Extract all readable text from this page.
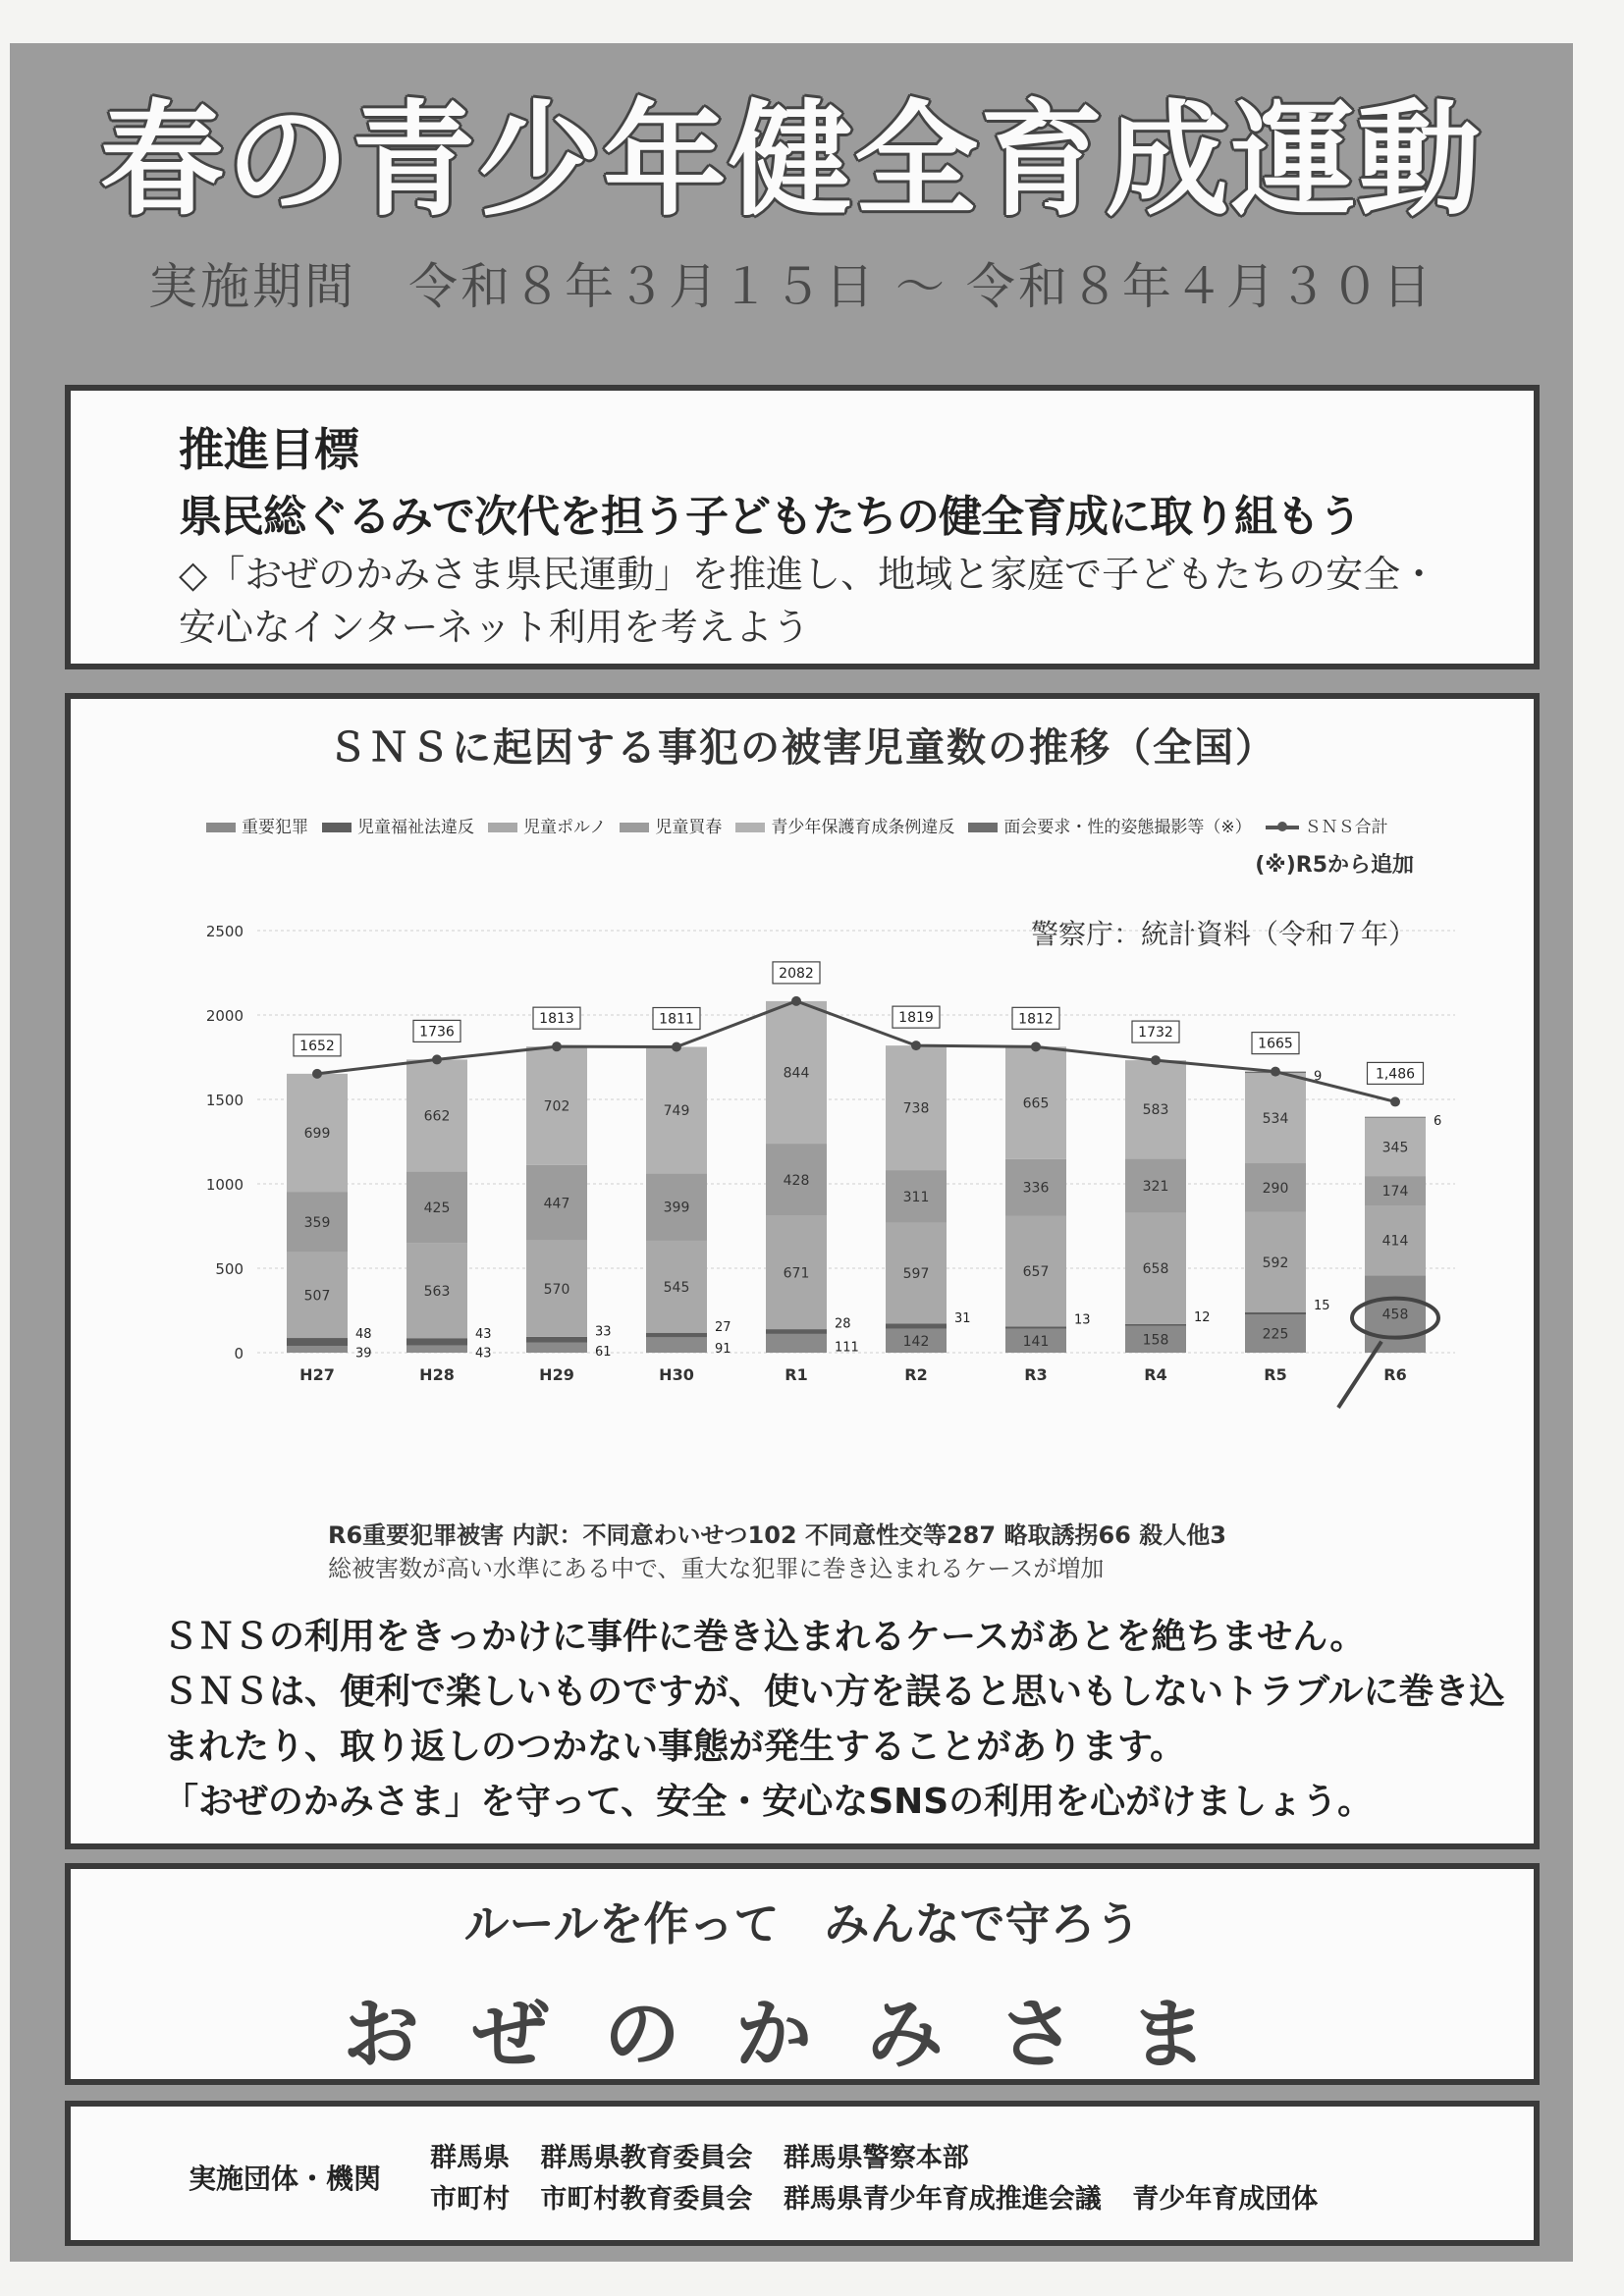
春の青少年健全育成運動
実施期間　令和８年３月１５日 ～ 令和８年４月３０日
推進目標
県民総ぐるみで次代を担う子どもたちの健全育成に取り組もう
◇「おぜのかみさま県民運動」を推進し、地域と家庭で子どもたちの安全・安心なインターネット利用を考えよう
ＳＮＳに起因する事犯の被害児童数の推移（全国）
重要犯罪	児童福祉法違反	児童ポルノ	児童買春	青少年保護育成条例違反	面会要求・性的姿態撮影等（※）	ＳＮＳ合計
(※)R5から追加
警察庁：統計資料（令和７年）
0
500
1000
1500
2000
2500
39
48
507
359
699
H27
43
43
563
425
662
H28
61
33
570
447
702
H29
91
27
545
399
749
H30
111
28
671
428
844
R1
142
31
597
311
738
R2
141
13
657
336
665
R3
158
12
658
321
583
R4
225
15
592
290
534
9
R5
458
414
174
345
6
R6
1652
1736
1813	1811
2082
1819	1812
1732
1665
1,486
R6重要犯罪被害 内訳：不同意わいせつ102 不同意性交等287 略取誘拐66 殺人他3
総被害数が高い水準にある中で、重大な犯罪に巻き込まれるケースが増加

ＳＮＳの利用をきっかけに事件に巻き込まれるケースがあとを絶ちません。

ＳＮＳは、便利で楽しいものですが、使い方を誤ると思いもしないトラブルに巻き込まれたり、取り返しのつかない事態が発生することがあります。

「おぜのかみさま」を守って、安全・安心なSNSの利用を心がけましょう。

ルールを作って　みんなで守ろう
おぜのかみさま
実施団体・機関
群馬県 群馬県教育委員会 群馬県警察本部
市町村 市町村教育委員会 群馬県青少年育成推進会議 青少年育成団体
